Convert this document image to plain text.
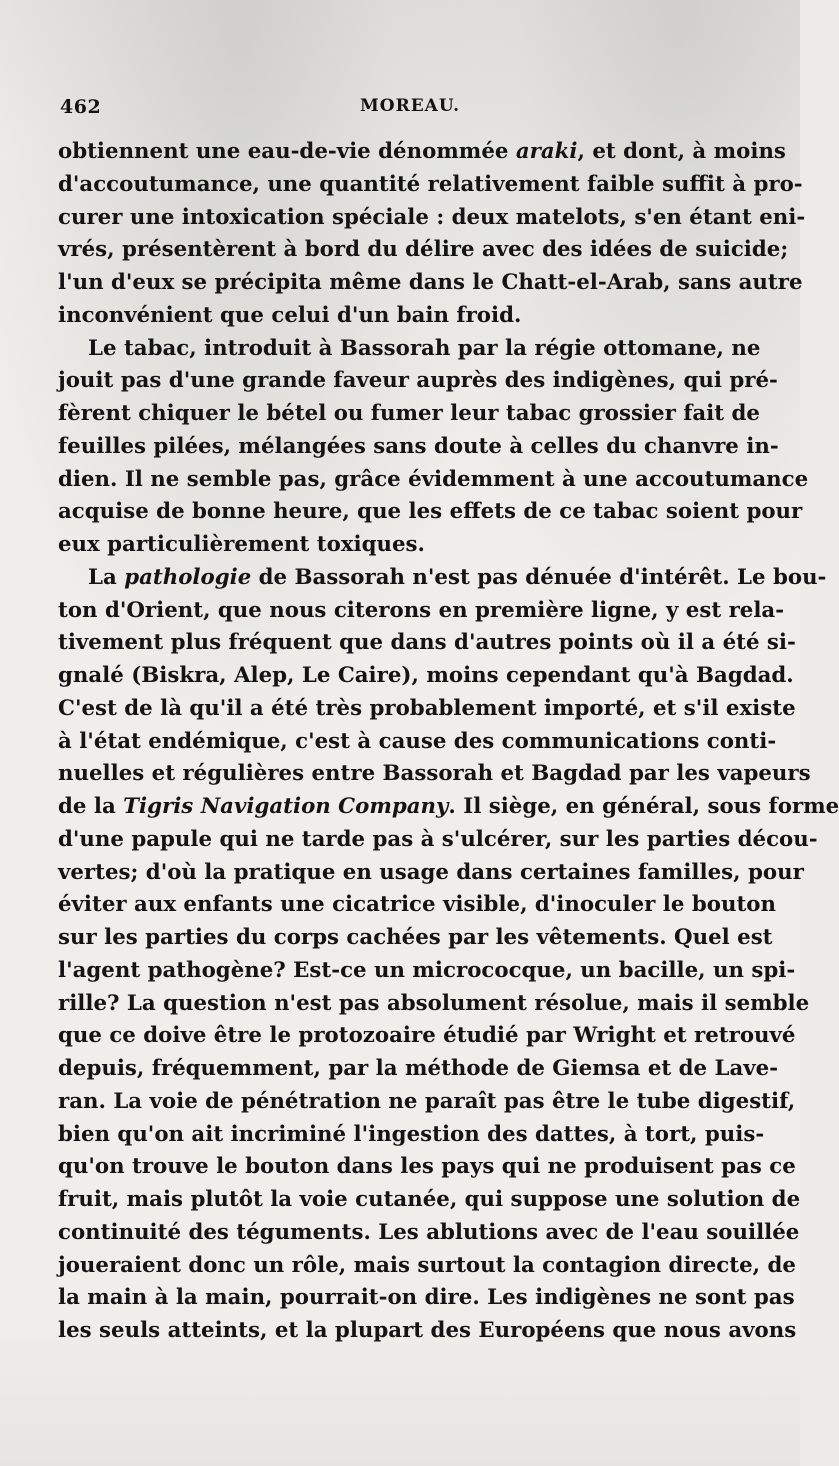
462	MOREAU.
obtiennent une eau-de-vie dénommée araki, et dont, à moins
d'accoutumance, une quantité relativement faible suffit à pro-
curer une intoxication spéciale : deux matelots, s'en étant eni-
vrés, présentèrent à bord du délire avec des idées de suicide;
l'un d'eux se précipita même dans le Chatt-el-Arab, sans autre
inconvénient que celui d'un bain froid.
Le tabac, introduit à Bassorah par la régie ottomane, ne
jouit pas d'une grande faveur auprès des indigènes, qui pré-
fèrent chiquer le bétel ou fumer leur tabac grossier fait de
feuilles pilées, mélangées sans doute à celles du chanvre in-
dien. Il ne semble pas, grâce évidemment à une accoutumance
acquise de bonne heure, que les effets de ce tabac soient pour
eux particulièrement toxiques.
La pathologie de Bassorah n'est pas dénuée d'intérêt. Le bou-
ton d'Orient, que nous citerons en première ligne, y est rela-
tivement plus fréquent que dans d'autres points où il a été si-
gnalé (Biskra, Alep, Le Caire), moins cependant qu'à Bagdad.
C'est de là qu'il a été très probablement importé, et s'il existe
à l'état endémique, c'est à cause des communications conti-
nuelles et régulières entre Bassorah et Bagdad par les vapeurs
de la Tigris Navigation Company. Il siège, en général, sous forme
d'une papule qui ne tarde pas à s'ulcérer, sur les parties décou-
vertes; d'où la pratique en usage dans certaines familles, pour
éviter aux enfants une cicatrice visible, d'inoculer le bouton
sur les parties du corps cachées par les vêtements. Quel est
l'agent pathogène? Est-ce un micrococque, un bacille, un spi-
rille? La question n'est pas absolument résolue, mais il semble
que ce doive être le protozoaire étudié par Wright et retrouvé
depuis, fréquemment, par la méthode de Giemsa et de Lave-
ran. La voie de pénétration ne paraît pas être le tube digestif,
bien qu'on ait incriminé l'ingestion des dattes, à tort, puis-
qu'on trouve le bouton dans les pays qui ne produisent pas ce
fruit, mais plutôt la voie cutanée, qui suppose une solution de
continuité des téguments. Les ablutions avec de l'eau souillée
joueraient donc un rôle, mais surtout la contagion directe, de
la main à la main, pourrait-on dire. Les indigènes ne sont pas
les seuls atteints, et la plupart des Européens que nous avons
